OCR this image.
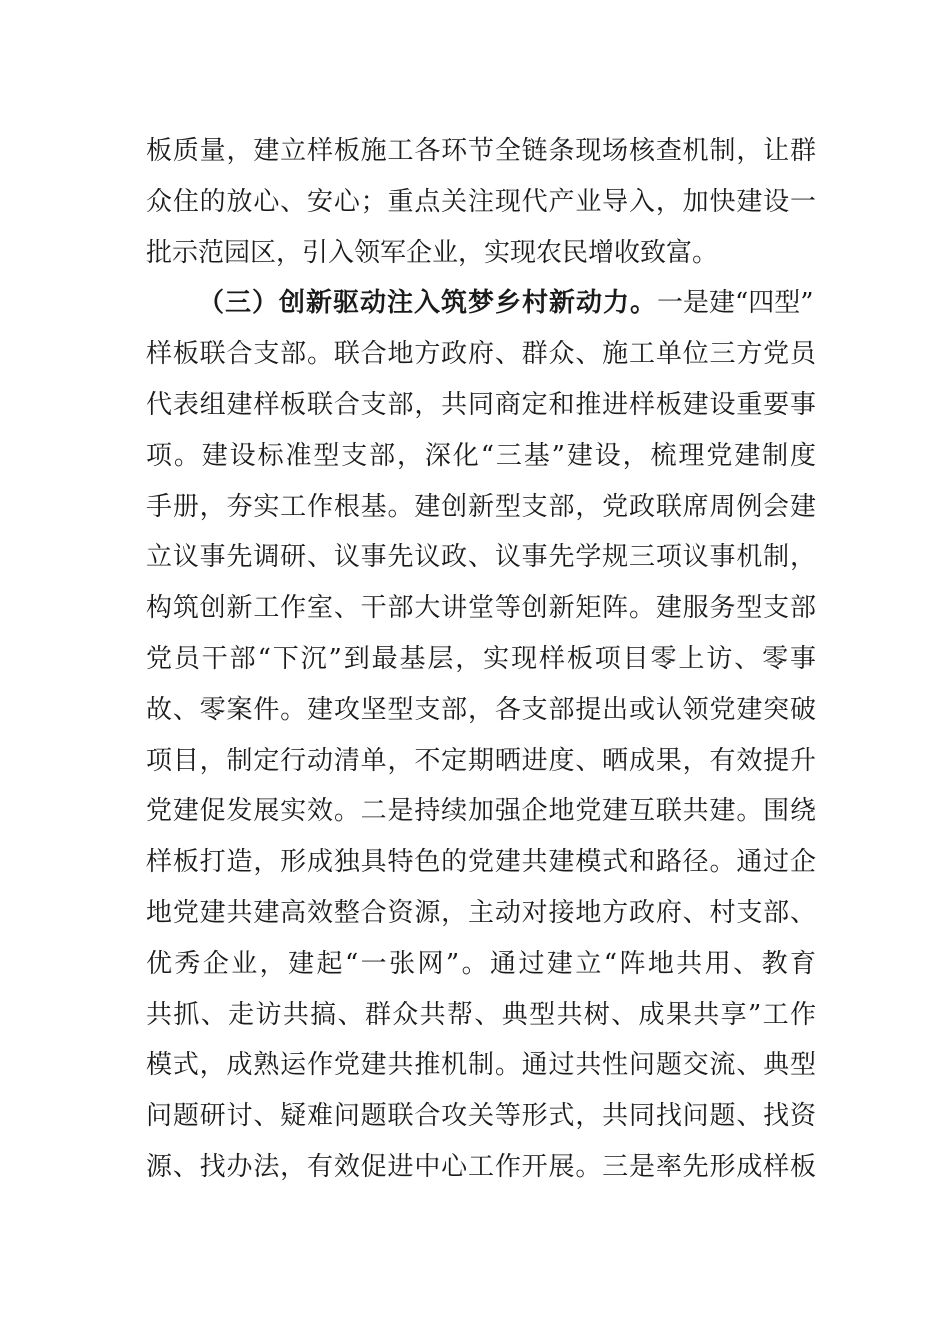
板质量，建立样板施工各环节全链条现场核查机制，让群
众住的放心、安心；重点关注现代产业导入，加快建设一
批示范园区，引入领军企业，实现农民增收致富。
（三）创新驱动注入筑梦乡村新动力。一是建“四型”
样板联合支部。联合地方政府、群众、施工单位三方党员
代表组建样板联合支部，共同商定和推进样板建设重要事
项。建设标准型支部，深化“三基”建设，梳理党建制度
手册，夯实工作根基。建创新型支部，党政联席周例会建
立议事先调研、议事先议政、议事先学规三项议事机制，
构筑创新工作室、干部大讲堂等创新矩阵。建服务型支部
党员干部“下沉”到最基层，实现样板项目零上访、零事
故、零案件。建攻坚型支部，各支部提出或认领党建突破
项目，制定行动清单，不定期晒进度、晒成果，有效提升
党建促发展实效。二是持续加强企地党建互联共建。围绕
样板打造，形成独具特色的党建共建模式和路径。通过企
地党建共建高效整合资源，主动对接地方政府、村支部、
优秀企业，建起“一张网”。通过建立“阵地共用、教育
共抓、走访共搞、群众共帮、典型共树、成果共享”工作
模式，成熟运作党建共推机制。通过共性问题交流、典型
问题研讨、疑难问题联合攻关等形式，共同找问题、找资
源、找办法，有效促进中心工作开展。三是率先形成样板
